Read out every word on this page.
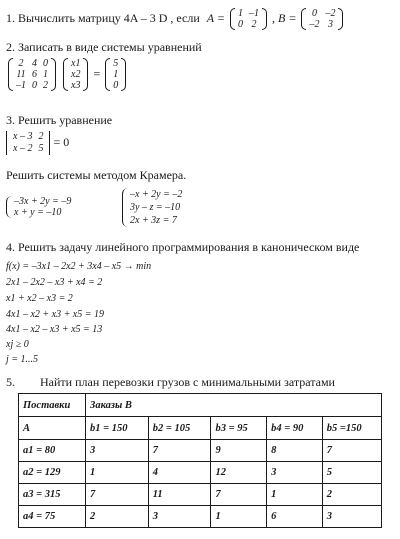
1. Вычислить матрицу 4A – 3 D , если A = 1	–1
0	2 , B = 0	–2
–2	3
2. Записать в виде системы уравнений
2	4	0
11	6	1
–1	0	2

x1
x2
x3
=
5
1
0
3. Решить уравнение
x – 3	2
x – 2	5 = 0
Решить системы методом Крамера.
–3x + 2y = –9
x + y = –10
–x + 2y = –2
3y – z = –10
2x + 3z = 7
4. Решить задачу линейного программирования в каноническом виде
f(x) = –3x1 – 2x2 + 3x4 – x5 → min
2x1 – 2x2 – x3 + x4 = 2
x1 + x2 – x3 = 2
4x1 – x2 + x3 + x5 = 19
4x1 – x2 – x3 + x5 = 13
xj ≥ 0
j = 1...5
5. Найти план перевозки грузов с минимальными затратами
Поставки	Заказы B				
A	b1 = 150	b2 = 105	b3 = 95	b4 = 90	b5 =150
a1 = 80	3	7	9	8	7
a2 = 129	1	4	12	3	5
a3 = 315	7	11	7	1	2
a4 = 75	2	3	1	6	3
